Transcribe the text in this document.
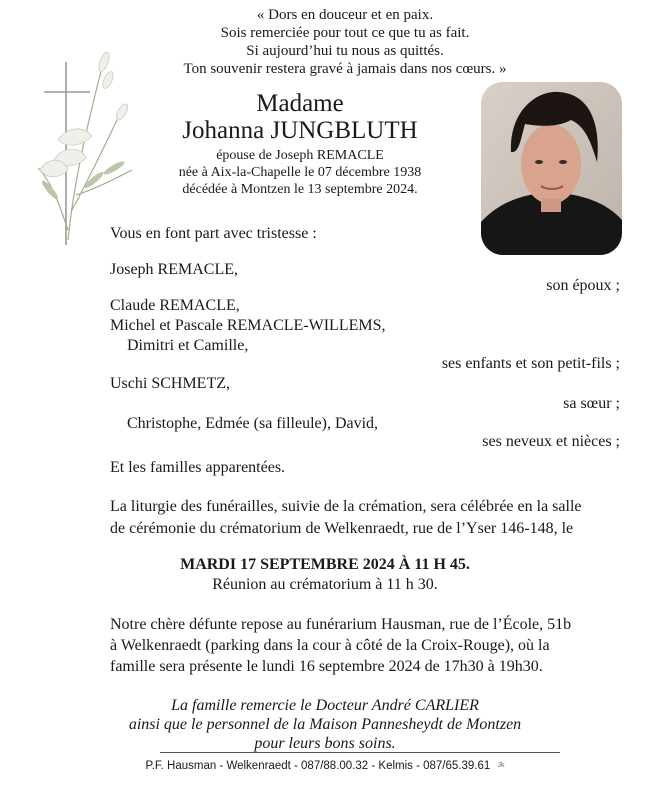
« Dors en douceur et en paix.
Sois remerciée pour tout ce que tu as fait.
Si aujourd’hui tu nous as quittés.
Ton souvenir restera gravé à jamais dans nos cœurs. »
Madame
Johanna JUNGBLUTH
épouse de Joseph REMACLE
née à Aix-la-Chapelle le 07 décembre 1938
décédée à Montzen le 13 septembre 2024.
Vous en font part avec tristesse :
Joseph REMACLE,
son époux ;
Claude REMACLE,
Michel et Pascale REMACLE-WILLEMS,
Dimitri et Camille,
ses enfants et son petit-fils ;
Uschi SCHMETZ,
sa sœur ;
Christophe, Edmée (sa filleule), David,
ses neveux et nièces ;
Et les familles apparentées.
La liturgie des funérailles, suivie de la crémation, sera célébrée en la salle
de cérémonie du crématorium de Welkenraedt, rue de l’Yser 146-148, le
MARDI 17 SEPTEMBRE 2024 À 11 H 45.
Réunion au crématorium à 11 h 30.
Notre chère défunte repose au funérarium Hausman, rue de l’École, 51b
à Welkenraedt (parking dans la cour à côté de la Croix-Rouge), où la
famille sera présente le lundi 16 septembre 2024 de 17h30 à 19h30.
La famille remercie le Docteur André CARLIER
ainsi que le personnel de la Maison Pannesheydt de Montzen
pour leurs bons soins.
P.F. Hausman - Welkenraedt - 087/88.00.32 - Kelmis - 087/65.39.61 Jk
